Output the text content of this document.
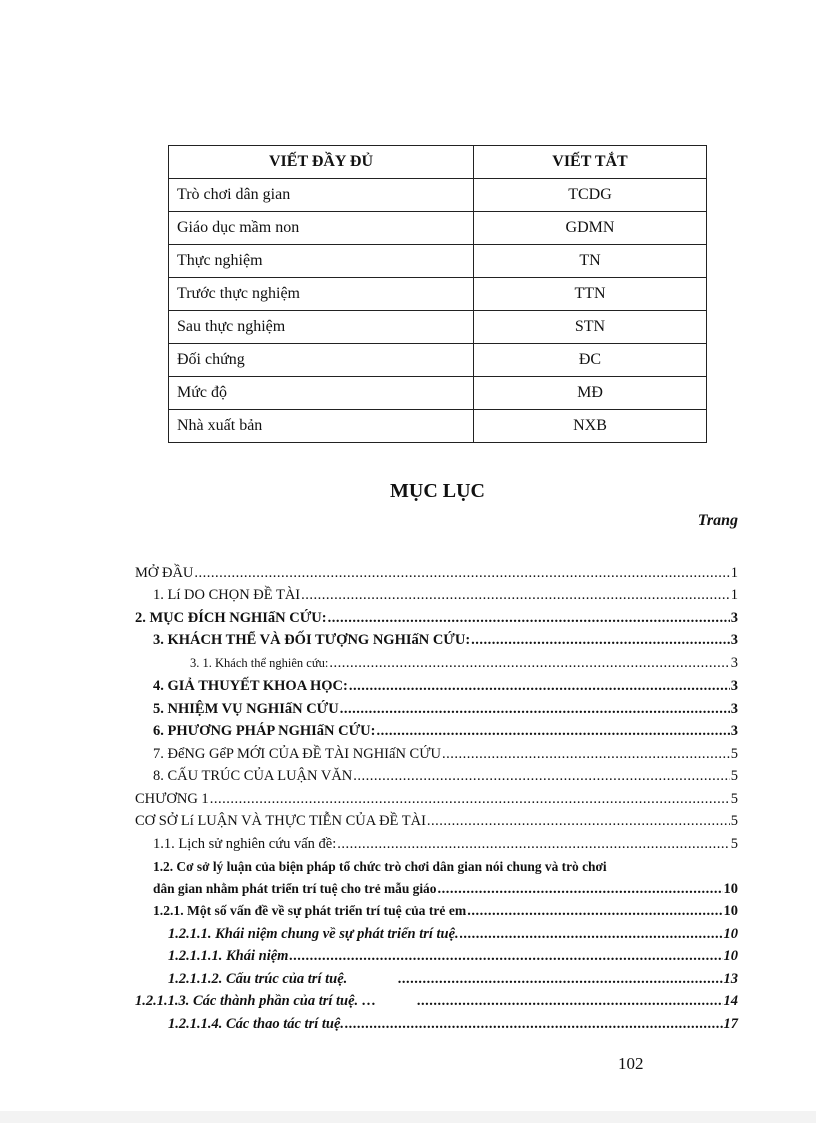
VIẾT ĐẦY ĐỦ	VIẾT TẮT
Trò chơi dân gian	TCDG
Giáo dục mầm non	GDMN
Thực nghiệm	TN
Trước thực nghiệm	TTN
Sau thực nghiệm	STN
Đối chứng	ĐC
Mức độ	MĐ
Nhà xuất bản	NXB
MỤC LỤC
Trang
MỞ ĐẦU .....	1
1. Lí DO CHỌN ĐỀ TÀI .....	1
2. MỤC ĐÍCH NGHIấN CỨU: .....	3
3. KHÁCH THỂ VÀ ĐỐI TƯỢNG NGHIấN CỨU: .....	3
3. 1. Khách thể nghiên cứu: .....	3
4. GIẢ THUYẾT KHOA HỌC: .....	3
5. NHIỆM VỤ NGHIấN CỨU .....	3
6. PHƯƠNG PHÁP NGHIấN CỨU: .....	3
7. ĐểNG GểP MỚI CỦA ĐỀ TÀI NGHIấN CỨU .....	5
8. CẤU TRÚC CỦA LUẬN VĂN .....	5
CHƯƠNG 1 .....	5
CƠ SỞ Lí LUẬN VÀ THỰC TIỄN CỦA ĐỀ TÀI .....	5
1.1. Lịch sử nghiên cứu vấn đề: .....	5
1.2. Cơ sở lý luận của biện pháp tổ chức trò chơi dân gian nói chung và trò chơi
dân gian nhằm phát triển trí tuệ cho trẻ mẫu giáo .....	10
1.2.1. Một số vấn đề về sự phát triển trí tuệ của trẻ em .....	10
1.2.1.1. Khái niệm chung về sự phát triển trí tuệ. .....	10
1.2.1.1.1. Khái niệm .....	10
1.2.1.1.2. Cấu trúc của trí tuệ. .....	13
1.2.1.1.3. Các thành phần của trí tuệ. … .....	14
1.2.1.1.4. Các thao tác trí tuệ. .....	17
102
